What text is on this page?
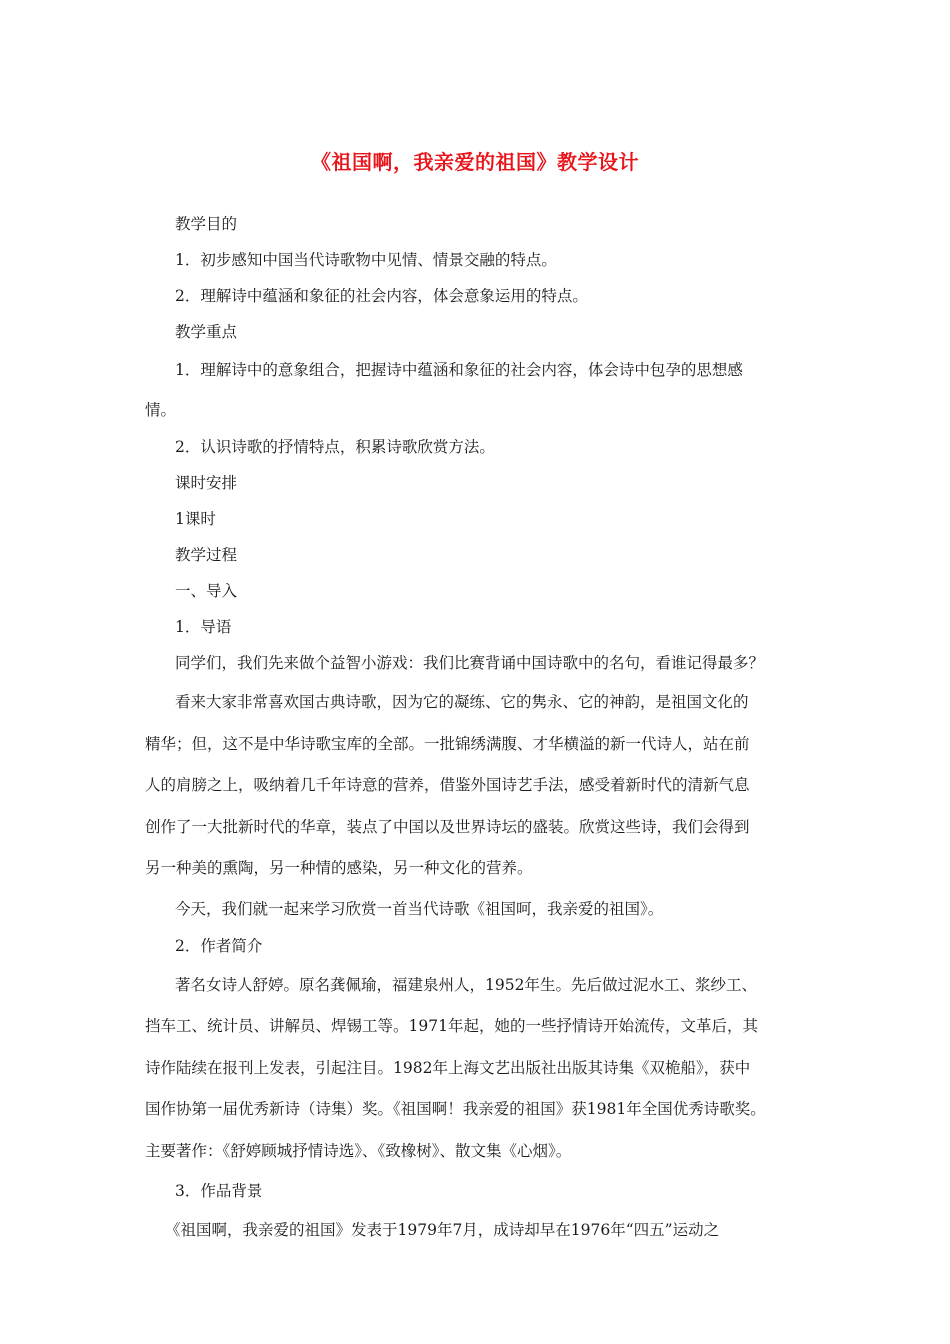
《祖国啊，我亲爱的祖国》教学设计

教学目的

1．初步感知中国当代诗歌物中见情、情景交融的特点。

2．理解诗中蕴涵和象征的社会内容，体会意象运用的特点。

教学重点

1．理解诗中的意象组合，把握诗中蕴涵和象征的社会内容，体会诗中包孕的思想感

情。

2．认识诗歌的抒情特点，积累诗歌欣赏方法。

课时安排

1课时

教学过程

一、导入

1．导语

同学们，我们先来做个益智小游戏：我们比赛背诵中国诗歌中的名句，看谁记得最多？

看来大家非常喜欢国古典诗歌，因为它的凝练、它的隽永、它的神韵，是祖国文化的

精华；但，这不是中华诗歌宝库的全部。一批锦绣满腹、才华横溢的新一代诗人，站在前

人的肩膀之上，吸纳着几千年诗意的营养，借鉴外国诗艺手法，感受着新时代的清新气息

创作了一大批新时代的华章，装点了中国以及世界诗坛的盛装。欣赏这些诗，我们会得到

另一种美的熏陶，另一种情的感染，另一种文化的营养。

今天，我们就一起来学习欣赏一首当代诗歌《祖国呵，我亲爱的祖国》。

2．作者简介

著名女诗人舒婷。原名龚佩瑜，福建泉州人，1952年生。先后做过泥水工、浆纱工、

挡车工、统计员、讲解员、焊锡工等。1971年起，她的一些抒情诗开始流传，文革后，其

诗作陆续在报刊上发表，引起注目。1982年上海文艺出版社出版其诗集《双桅船》，获中

国作协第一届优秀新诗（诗集）奖。《祖国啊！我亲爱的祖国》获1981年全国优秀诗歌奖。

主要著作：《舒婷顾城抒情诗选》、《致橡树》、散文集《心烟》。

3．作品背景

《祖国啊，我亲爱的祖国》发表于1979年7月，成诗却早在1976年“四五”运动之
